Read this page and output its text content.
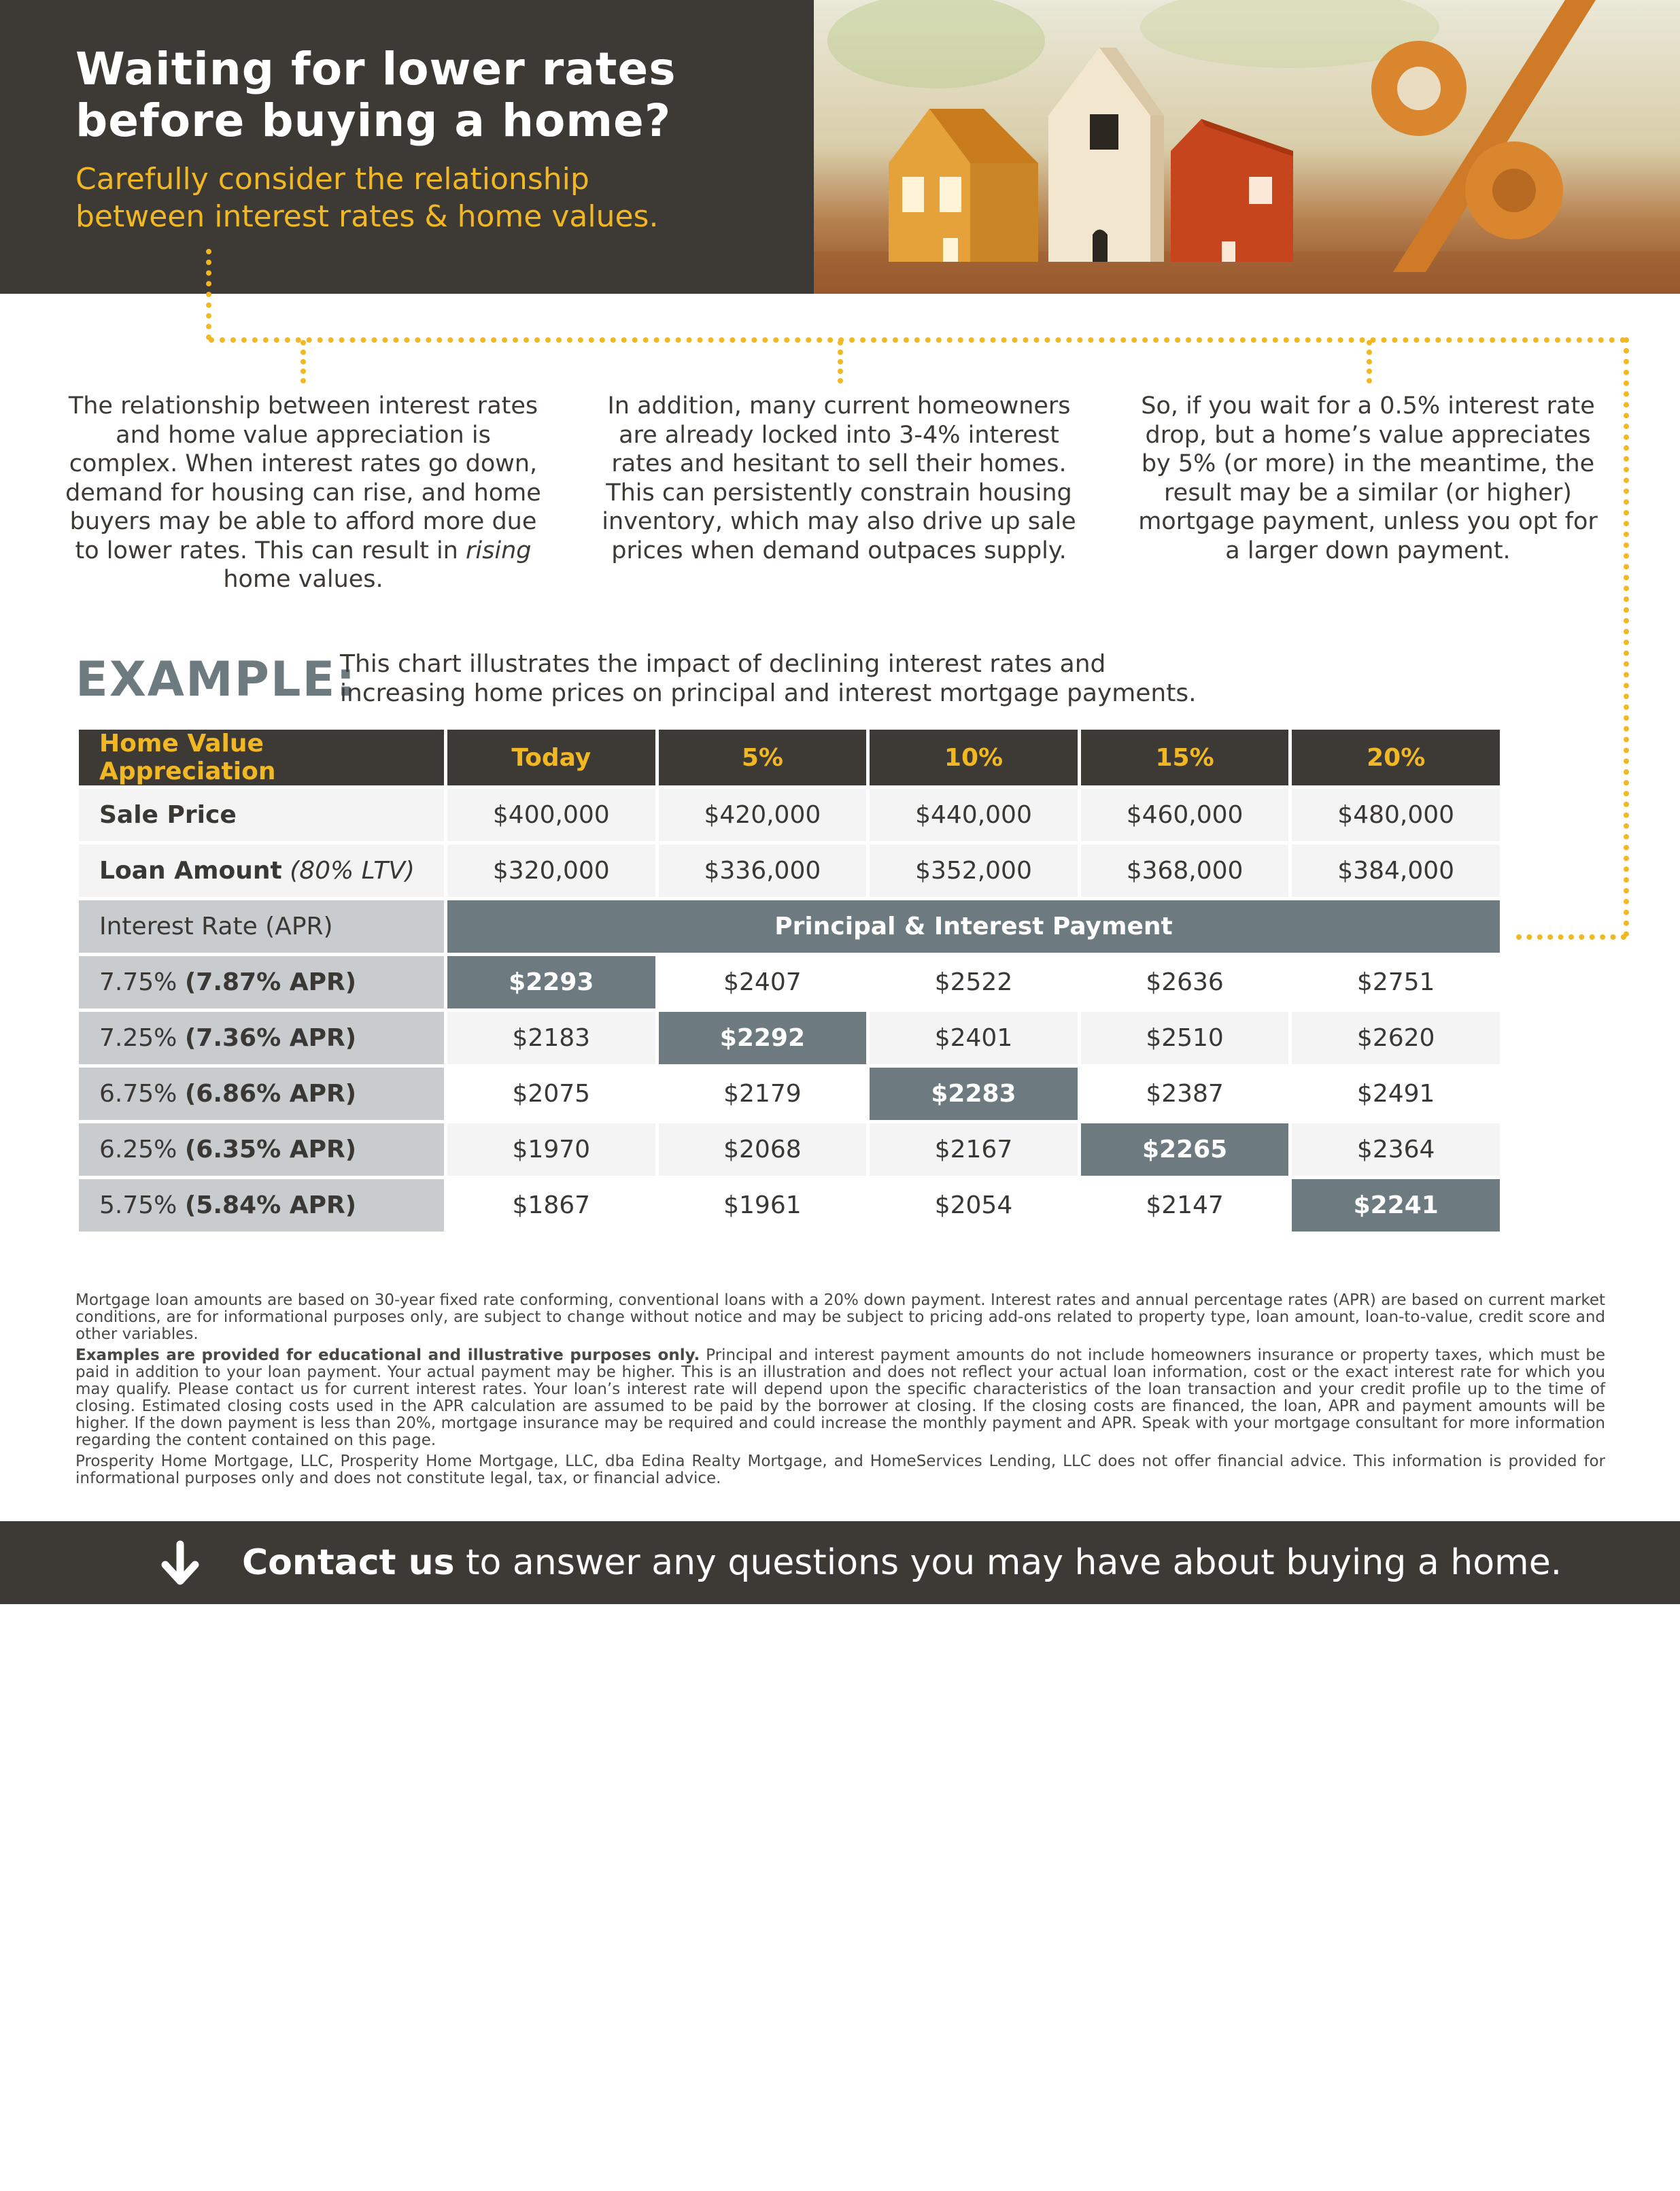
Waiting for lower rates
before buying a home?
Carefully consider the relationship
between interest rates & home values.
The relationship between interest rates and home value appreciation is complex. When interest rates go down, demand for housing can rise, and home buyers may be able to afford more due to lower rates. This can result in rising home values.
In addition, many current homeowners are already locked into 3-4% interest rates and hesitant to sell their homes. This can persistently constrain housing inventory, which may also drive up sale prices when demand outpaces supply.
So, if you wait for a 0.5% interest rate drop, but a home’s value appreciates by 5% (or more) in the meantime, the result may be a similar (or higher) mortgage payment, unless you opt for a larger down payment.
EXAMPLE:
This chart illustrates the impact of declining interest rates and
increasing home prices on principal and interest mortgage payments.
Home Value Appreciation	Today	5%	10%	15%	20%
Sale Price	$400,000	$420,000	$440,000	$460,000	$480,000
Loan Amount (80% LTV)	$320,000	$336,000	$352,000	$368,000	$384,000
Interest Rate (APR)	Principal & Interest Payment				
7.75% (7.87% APR)	$2293	$2407	$2522	$2636	$2751
7.25% (7.36% APR)	$2183	$2292	$2401	$2510	$2620
6.75% (6.86% APR)	$2075	$2179	$2283	$2387	$2491
6.25% (6.35% APR)	$1970	$2068	$2167	$2265	$2364
5.75% (5.84% APR)	$1867	$1961	$2054	$2147	$2241

Mortgage loan amounts are based on 30-year fixed rate conforming, conventional loans with a 20% down payment. Interest rates and annual percentage rates (APR) are based on current market conditions, are for informational purposes only, are subject to change without notice and may be subject to pricing add-ons related to property type, loan amount, loan-to-value, credit score and other variables.

Examples are provided for educational and illustrative purposes only. Principal and interest payment amounts do not include homeowners insurance or property taxes, which must be paid in addition to your loan payment. Your actual payment may be higher. This is an illustration and does not reflect your actual loan information, cost or the exact interest rate for which you may qualify. Please contact us for current interest rates. Your loan’s interest rate will depend upon the specific characteristics of the loan transaction and your credit profile up to the time of closing. Estimated closing costs used in the APR calculation are assumed to be paid by the borrower at closing. If the closing costs are financed, the loan, APR and payment amounts will be higher. If the down payment is less than 20%, mortgage insurance may be required and could increase the monthly payment and APR. Speak with your mortgage consultant for more information regarding the content contained on this page.

Prosperity Home Mortgage, LLC, Prosperity Home Mortgage, LLC, dba Edina Realty Mortgage, and HomeServices Lending, LLC does not offer financial advice. This information is provided for informational purposes only and does not constitute legal, tax, or financial advice.

Contact us to answer any questions you may have about buying a home.
